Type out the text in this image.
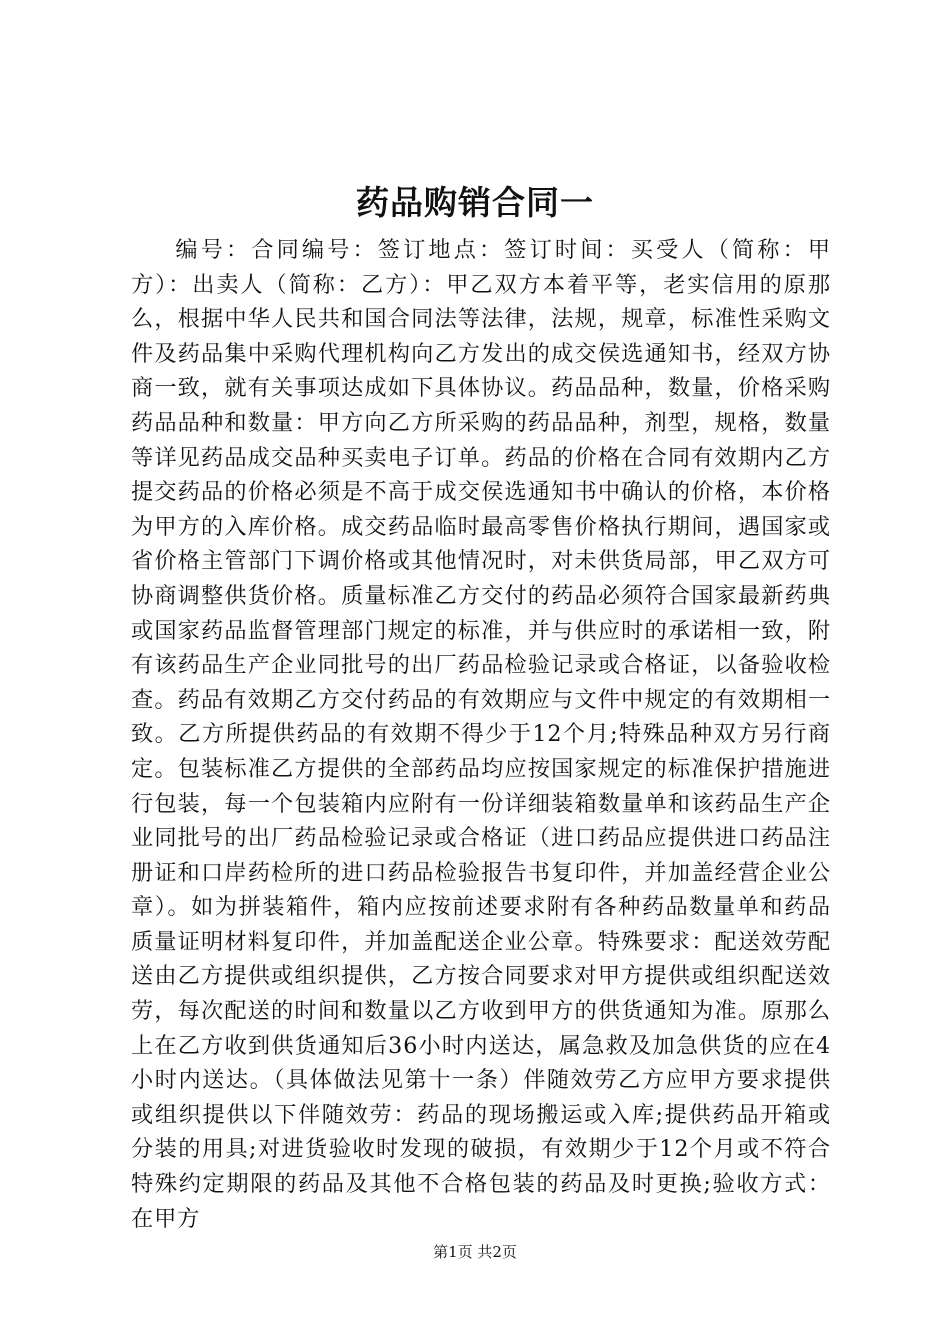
药品购销合同一

编号：合同编号：签订地点：签订时间：买受人（简称：甲方）：出卖人（简称：乙方）：甲乙双方本着平等，老实信用的原那么，根据中华人民共和国合同法等法律，法规，规章，标准性采购文件及药品集中采购代理机构向乙方发出的成交侯选通知书，经双方协商一致，就有关事项达成如下具体协议。药品品种，数量，价格采购药品品种和数量：甲方向乙方所采购的药品品种，剂型，规格，数量等详见药品成交品种买卖电子订单。药品的价格在合同有效期内乙方提交药品的价格必须是不高于成交侯选通知书中确认的价格，本价格为甲方的入库价格。成交药品临时最高零售价格执行期间，遇国家或省价格主管部门下调价格或其他情况时，对未供货局部，甲乙双方可协商调整供货价格。质量标准乙方交付的药品必须符合国家最新药典或国家药品监督管理部门规定的标准，并与供应时的承诺相一致，附有该药品生产企业同批号的出厂药品检验记录或合格证，以备验收检查。药品有效期乙方交付药品的有效期应与文件中规定的有效期相一致。乙方所提供药品的有效期不得少于12个月;特殊品种双方另行商定。包装标准乙方提供的全部药品均应按国家规定的标准保护措施进行包装，每一个包装箱内应附有一份详细装箱数量单和该药品生产企业同批号的出厂药品检验记录或合格证（进口药品应提供进口药品注册证和口岸药检所的进口药品检验报告书复印件，并加盖经营企业公章）。如为拼装箱件，箱内应按前述要求附有各种药品数量单和药品质量证明材料复印件，并加盖配送企业公章。特殊要求：配送效劳配送由乙方提供或组织提供，乙方按合同要求对甲方提供或组织配送效劳，每次配送的时间和数量以乙方收到甲方的供货通知为准。原那么上在乙方收到供货通知后36小时内送达，属急救及加急供货的应在4小时内送达。（具体做法见第十一条）伴随效劳乙方应甲方要求提供或组织提供以下伴随效劳：药品的现场搬运或入库;提供药品开箱或分装的用具;对进货验收时发现的破损，有效期少于12个月或不符合特殊约定期限的药品及其他不合格包装的药品及时更换;验收方式：在甲方

第1页 共2页
